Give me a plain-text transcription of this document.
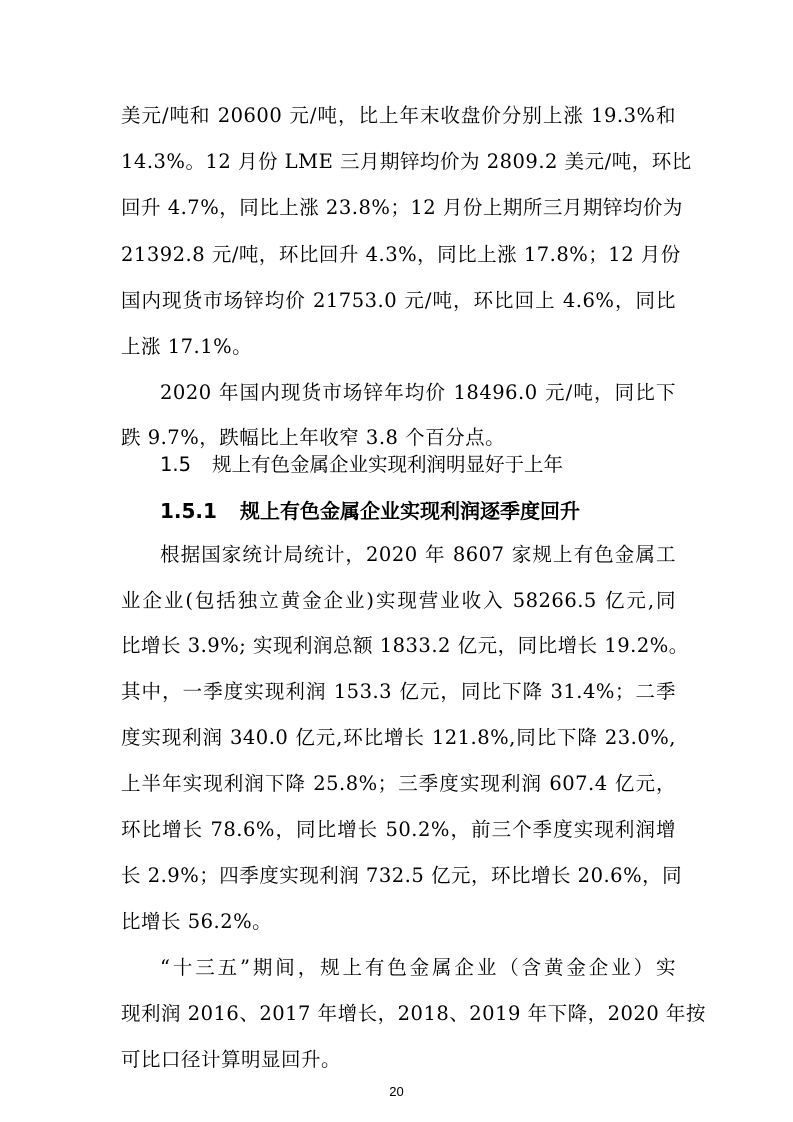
美元/吨和 20600 元/吨，比上年末收盘价分别上涨 19.3%和
14.3%。12 月份 LME 三月期锌均价为 2809.2 美元/吨，环比
回升 4.7%，同比上涨 23.8%；12 月份上期所三月期锌均价为
21392.8 元/吨，环比回升 4.3%，同比上涨 17.8%；12 月份
国内现货市场锌均价 21753.0 元/吨，环比回上 4.6%，同比
上涨 17.1%。
2020 年国内现货市场锌年均价 18496.0 元/吨，同比下
跌 9.7%，跌幅比上年收窄 3.8 个百分点。
1.5 规上有色金属企业实现利润明显好于上年
1.5.1 规上有色金属企业实现利润逐季度回升
根据国家统计局统计，2020 年 8607 家规上有色金属工
业企业(包括独立黄金企业)实现营业收入 58266.5 亿元,同
比增长 3.9%; 实现利润总额 1833.2 亿元，同比增长 19.2%。
其中，一季度实现利润 153.3 亿元，同比下降 31.4%；二季
度实现利润 340.0 亿元,环比增长 121.8%,同比下降 23.0%,
上半年实现利润下降 25.8%；三季度实现利润 607.4 亿元，
环比增长 78.6%，同比增长 50.2%，前三个季度实现利润增
长 2.9%；四季度实现利润 732.5 亿元，环比增长 20.6%，同
比增长 56.2%。
“十三五”期间，规上有色金属企业（含黄金企业）实
现利润 2016、2017 年增长，2018、2019 年下降，2020 年按
可比口径计算明显回升。
20
